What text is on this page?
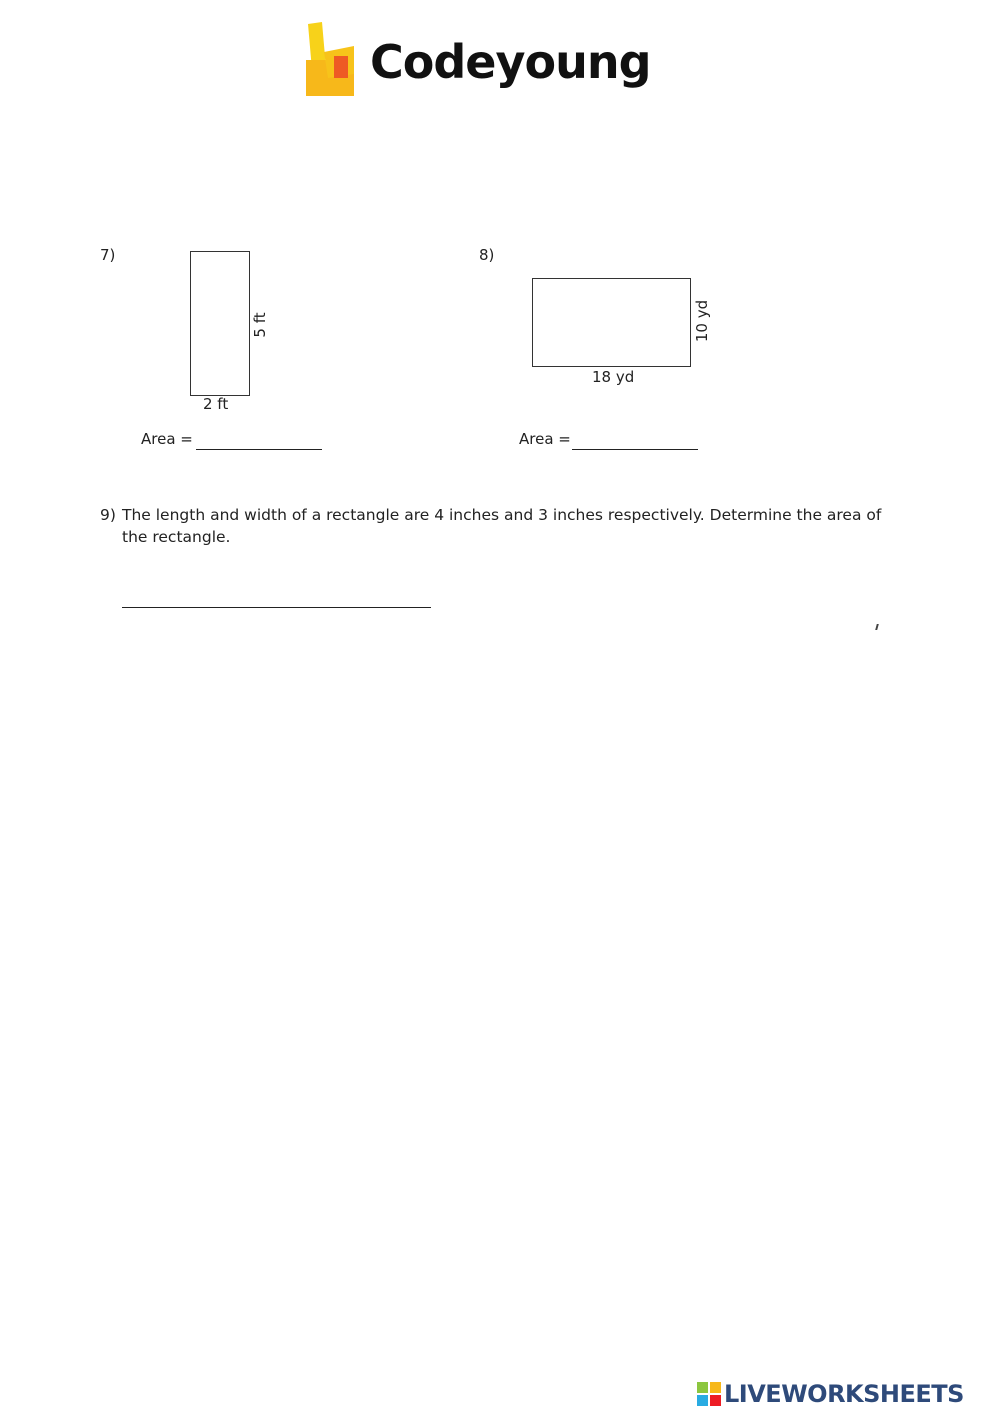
Codeyoung
7)
5 ft
2 ft
Area =
8)
10 yd
18 yd
Area =
9) The length and width of a rectangle are 4 inches and 3 inches respectively. Determine the area of the rectangle.
LIVEWORKSHEETS
